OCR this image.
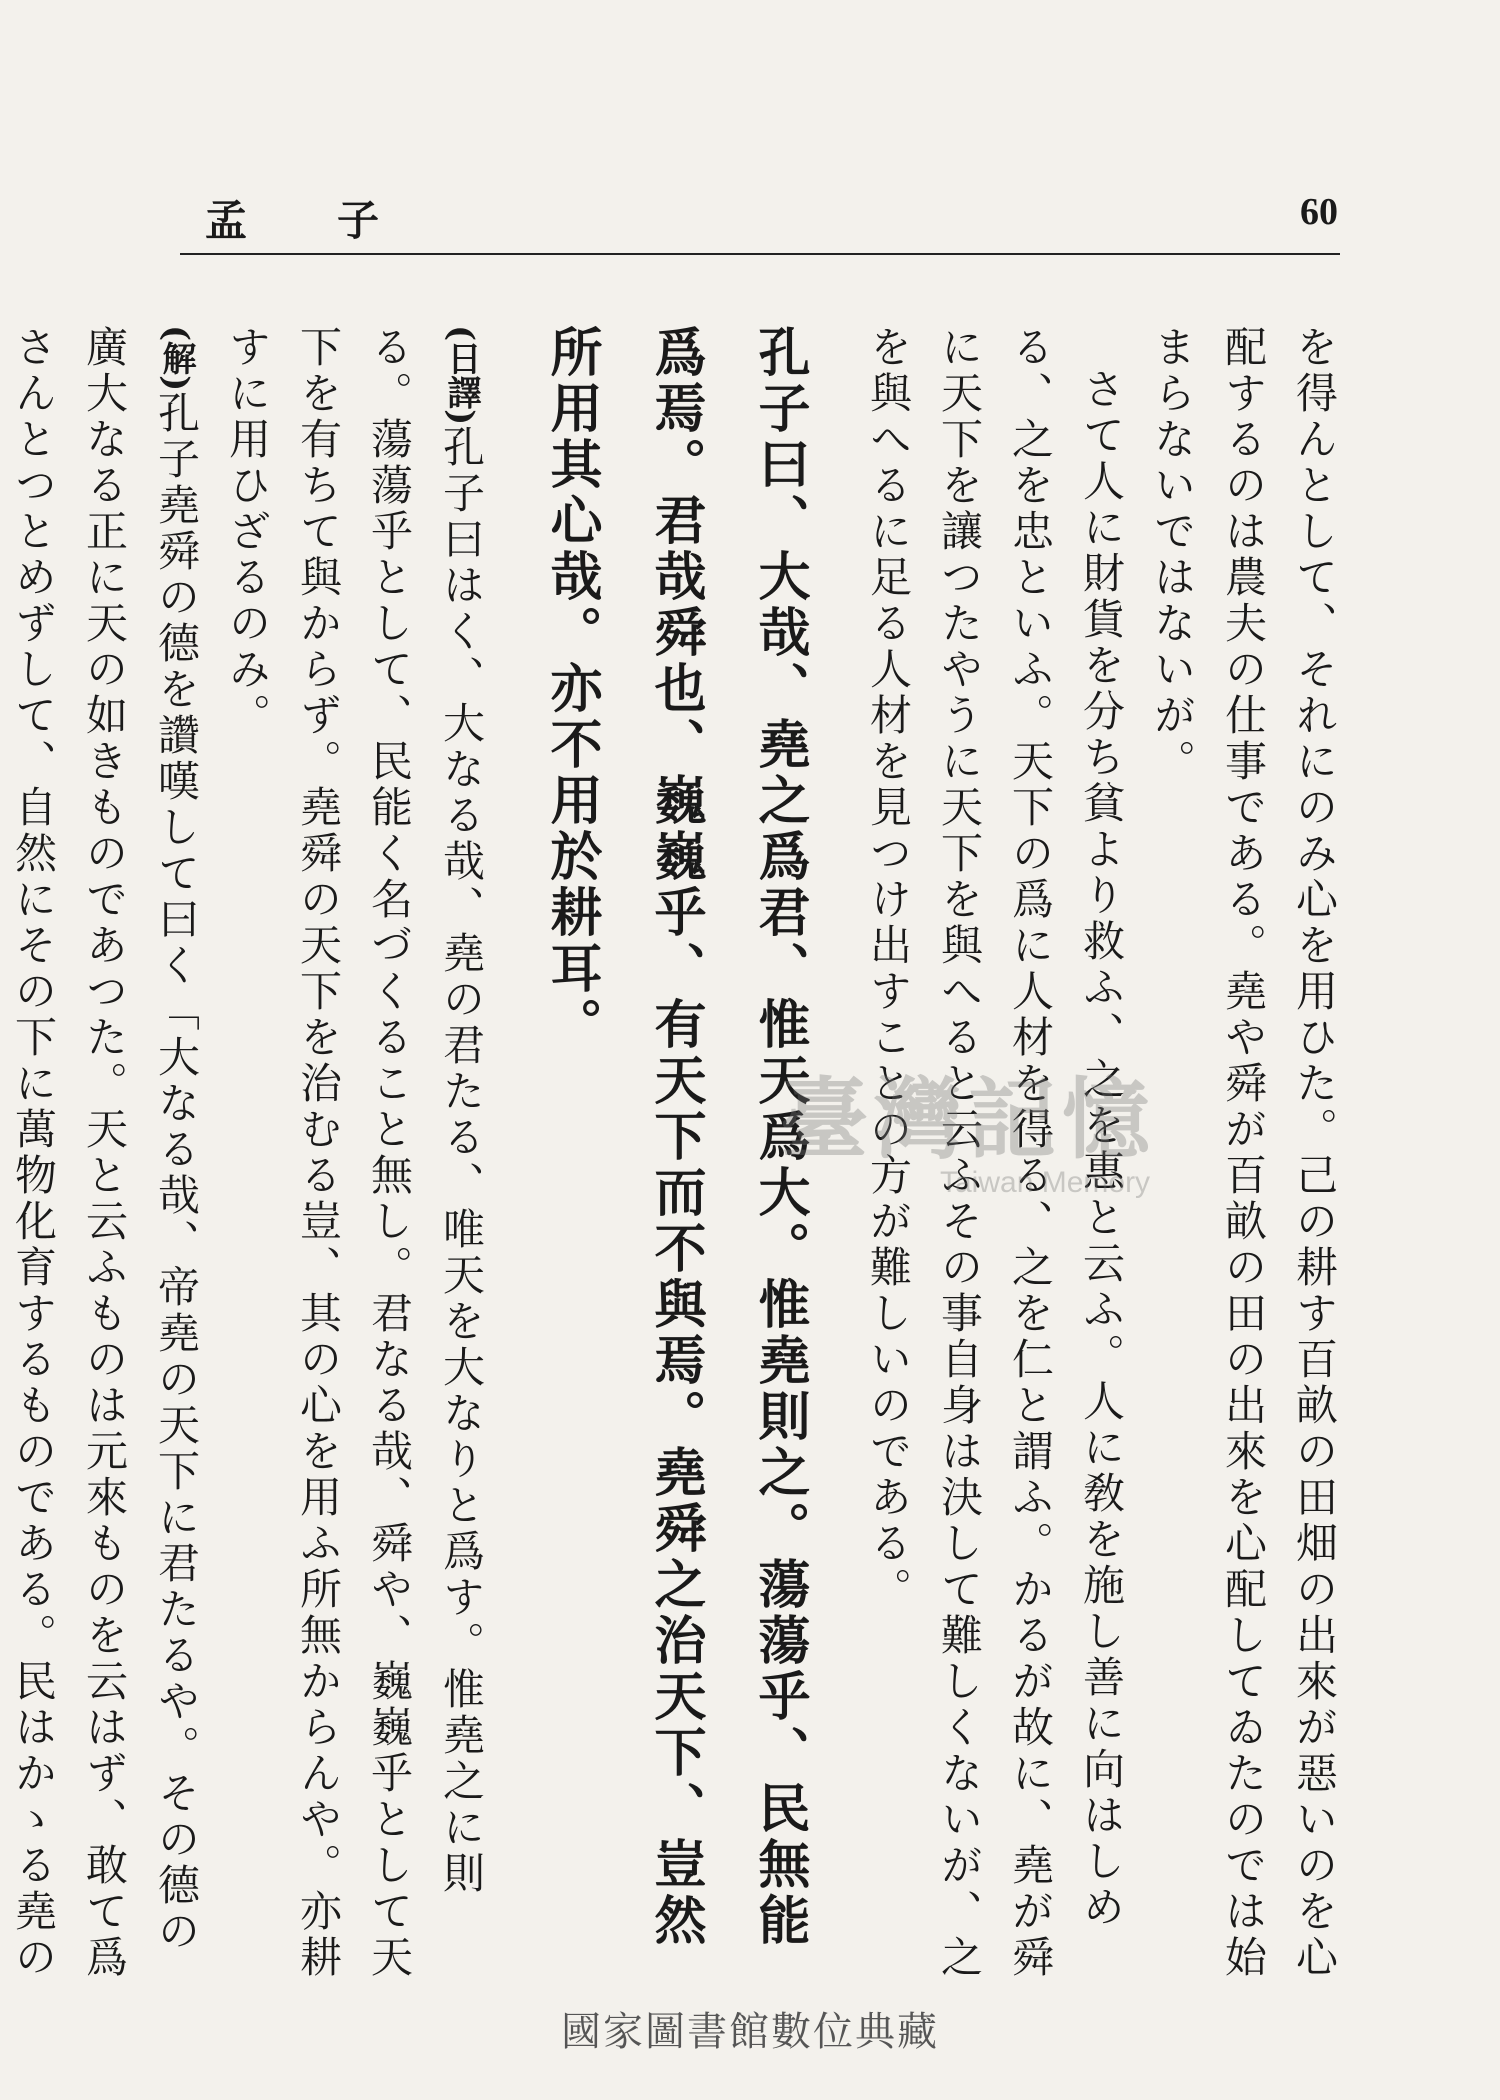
孟子	60

を得んとして、それにのみ心を用ひた。己の耕す百畝の田畑の出來が惡いのを心配するのは農夫の仕事である。堯や舜が百畝の田の出來を心配してゐたのでは始まらないではないが。

さて人に財貨を分ち貧より救ふ、之を惠と云ふ。人に敎を施し善に向はしめる、之を忠といふ。天下の爲に人材を得る、之を仁と謂ふ。かるが故に、堯が舜に天下を讓つたやうに天下を與へると云ふその事自身は決して難しくないが、之を與へるに足る人材を見つけ出すことの方が難しいのである。

孔子曰、大哉、堯之爲君、惟天爲大。惟堯則之。蕩蕩乎、民無能爲焉。君哉舜也、巍巍乎、有天下而不與焉。堯舜之治天下、豈然所用其心哉。亦不用於耕耳。

(日譯)孔子曰はく、大なる哉、堯の君たる、唯天を大なりと爲す。惟堯之に則る。蕩蕩乎として、民能く名づくること無し。君なる哉、舜や、巍巍乎として天下を有ちて與からず。堯舜の天下を治むる豈、其の心を用ふ所無からんや。亦耕すに用ひざるのみ。

(解)孔子堯舜の德を讚嘆して曰く「大なる哉、帝堯の天下に君たるや。その德の廣大なる正に天の如きものであつた。天と云ふものは元來ものを云はず、敢て爲さんとつとめずして、自然にその下に萬物化育するものである。民はかゝる堯の

臺灣記憶
Taiwan Memory
國家圖書館數位典藏
